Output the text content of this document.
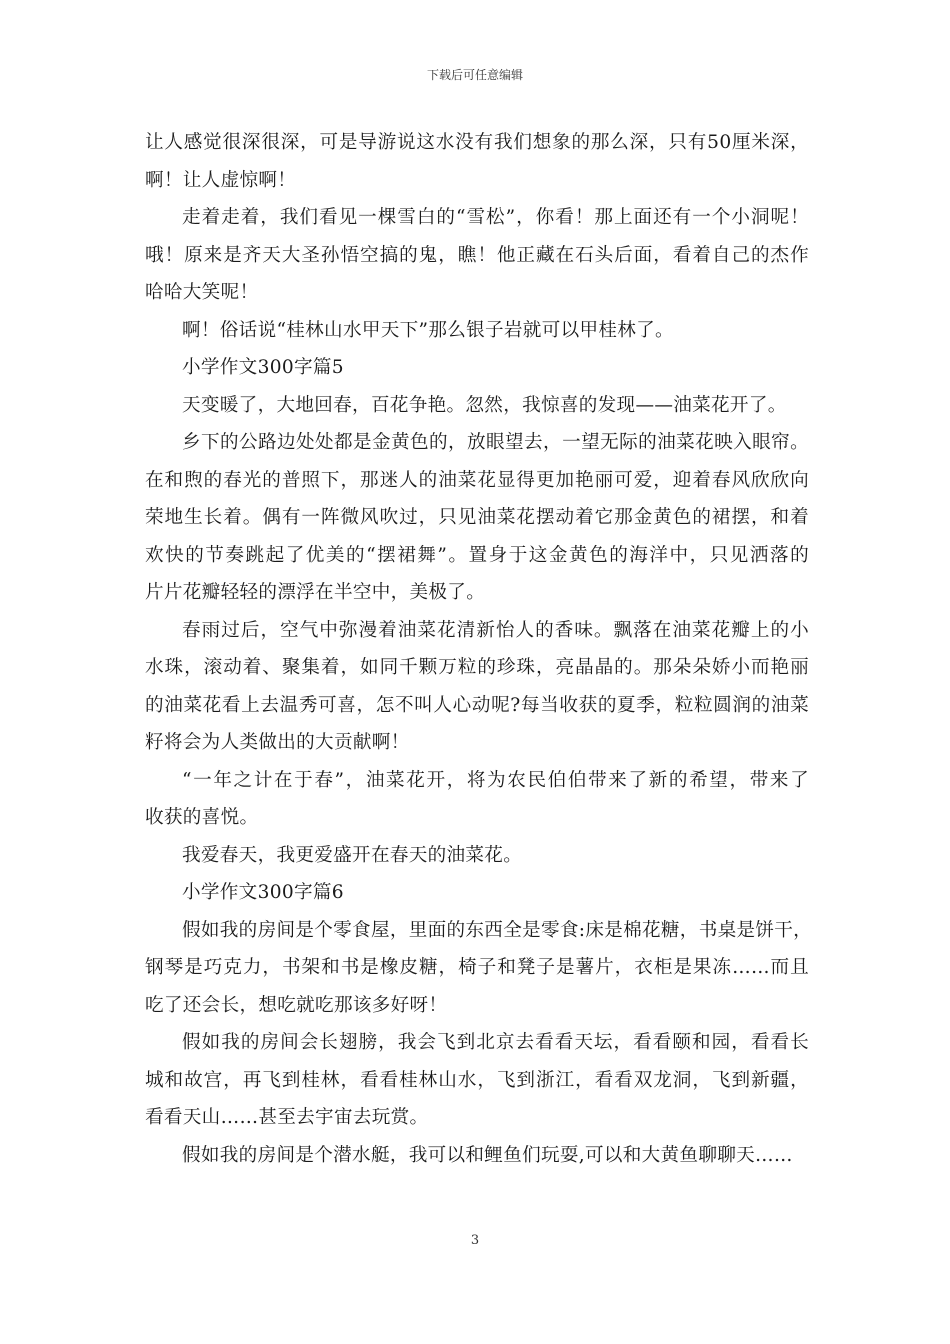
下载后可任意编辑
让人感觉很深很深，可是导游说这水没有我们想象的那么深，只有50厘米深，
啊！让人虚惊啊！
走着走着，我们看见一棵雪白的“雪松”，你看！那上面还有一个小洞呢！
哦！原来是齐天大圣孙悟空搞的鬼，瞧！他正藏在石头后面，看着自己的杰作
哈哈大笑呢！
啊！俗话说“桂林山水甲天下”那么银子岩就可以甲桂林了。
小学作文300字篇5
天变暖了，大地回春，百花争艳。忽然，我惊喜的发现——油菜花开了。
乡下的公路边处处都是金黄色的，放眼望去，一望无际的油菜花映入眼帘。
在和煦的春光的普照下，那迷人的油菜花显得更加艳丽可爱，迎着春风欣欣向
荣地生长着。偶有一阵微风吹过，只见油菜花摆动着它那金黄色的裙摆，和着
欢快的节奏跳起了优美的“摆裙舞”。置身于这金黄色的海洋中，只见洒落的
片片花瓣轻轻的漂浮在半空中，美极了。
春雨过后，空气中弥漫着油菜花清新怡人的香味。飘落在油菜花瓣上的小
水珠，滚动着、聚集着，如同千颗万粒的珍珠，亮晶晶的。那朵朵娇小而艳丽
的油菜花看上去温秀可喜，怎不叫人心动呢?每当收获的夏季，粒粒圆润的油菜
籽将会为人类做出的大贡献啊！
“一年之计在于春”，油菜花开，将为农民伯伯带来了新的希望，带来了
收获的喜悦。
我爱春天，我更爱盛开在春天的油菜花。
小学作文300字篇6
假如我的房间是个零食屋，里面的东西全是零食:床是棉花糖，书桌是饼干，
钢琴是巧克力，书架和书是橡皮糖，椅子和凳子是薯片，衣柜是果冻……而且
吃了还会长，想吃就吃那该多好呀！
假如我的房间会长翅膀，我会飞到北京去看看天坛，看看颐和园，看看长
城和故宫，再飞到桂林，看看桂林山水，飞到浙江，看看双龙洞，飞到新疆，
看看天山……甚至去宇宙去玩赏。
假如我的房间是个潜水艇，我可以和鲤鱼们玩耍,可以和大黄鱼聊聊天……
3
